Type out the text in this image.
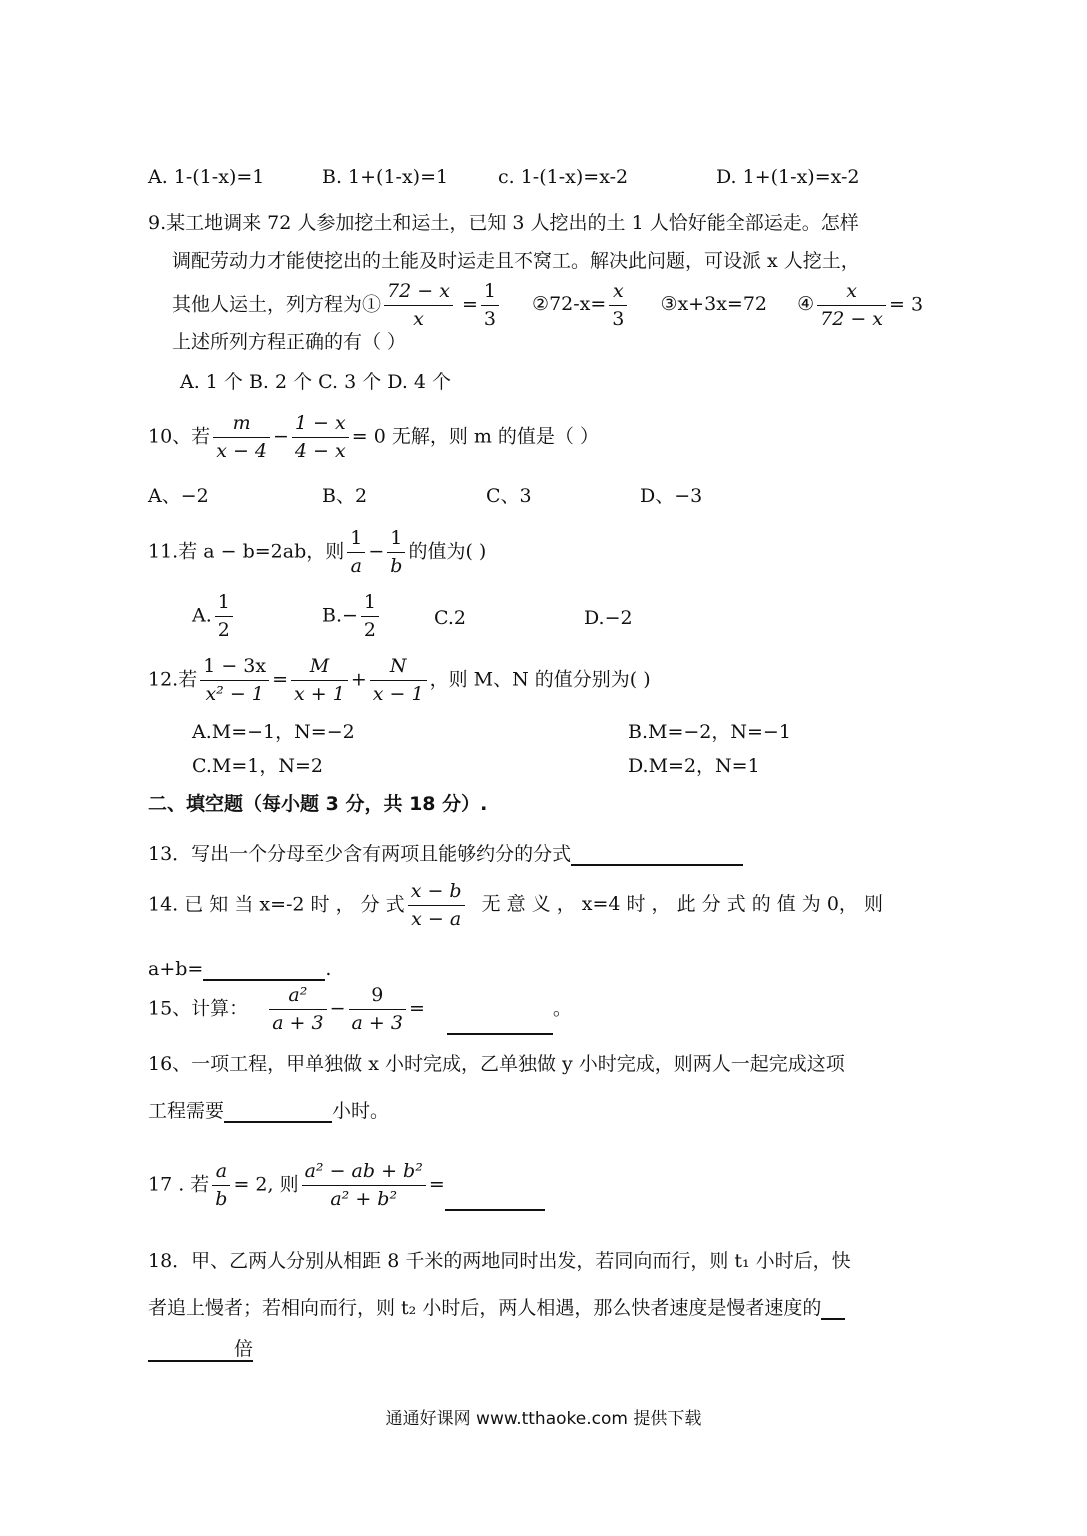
A. 1-(1-x)=1	B. 1+(1-x)=1	c. 1-(1-x)=x-2	D. 1+(1-x)=x-2
9.某工地调来 72 人参加挖土和运土，已知 3 人挖出的土 1 人恰好能全部运走。怎样
调配劳动力才能使挖出的土能及时运走且不窝工。解决此问题，可设派 x 人挖土，
其他人运土，列方程为① $\frac{72 - x}{x} = \frac{1}{3}$ ②72-x= $\frac{x}{3}$ ③x+3x=72 ④ $\frac{x}{72 - x} = 3$
上述所列方程正确的有（ ）
A. 1 个 B. 2 个 C. 3 个 D. 4 个
10、若 $\frac{m}{x - 4} - \frac{1 - x}{4 - x} = 0$ 无解，则 m 的值是（ ）
A、−2	B、2	C、3	D、−3
11.若 a − b=2ab，则 $\frac{1}{a} - \frac{1}{b}$ 的值为( )
A. $\frac{1}{2}$	$B.- \frac{1}{2}$	C.2	D.−2
12.若 $\frac{1 - 3x}{\text{x² − 1}} = \frac{M}{x + 1} + \frac{N}{x - 1}$ ，则 M、N 的值分别为( )
A.M=−1，N=−2	B.M=−2，N=−1
C.M=1，N=2	D.M=2，N=1
二、填空题（每小题 3 分，共 18 分）.
13．写出一个分母至少含有两项且能够约分的分式
14. 已 知 当 x=-2 时 ， 分 式 $\frac{x - b}{x - a}$ 无 意 义 ， x=4 时 ， 此 分 式 的 值 为 0， 则
a+b=	.
15、计算： $\frac{\text{a²}}{a + 3} - \frac{9}{a + 3}$ =	。
16、一项工程，甲单独做 x 小时完成，乙单独做 y 小时完成，则两人一起完成这项
工程需要	小时。
17 . 若 $\frac{a}{b} = 2$, 则 $\frac{\text{a² − ab + b²}}{\text{a² + b²}}$ =
18．甲、乙两人分别从相距 8 千米的两地同时出发，若同向而行，则 t₁ 小时后，快
者追上慢者；若相向而行，则 t₂ 小时后，两人相遇，那么快者速度是慢者速度的
倍
通通好课网 www.tthaoke.com 提供下载
